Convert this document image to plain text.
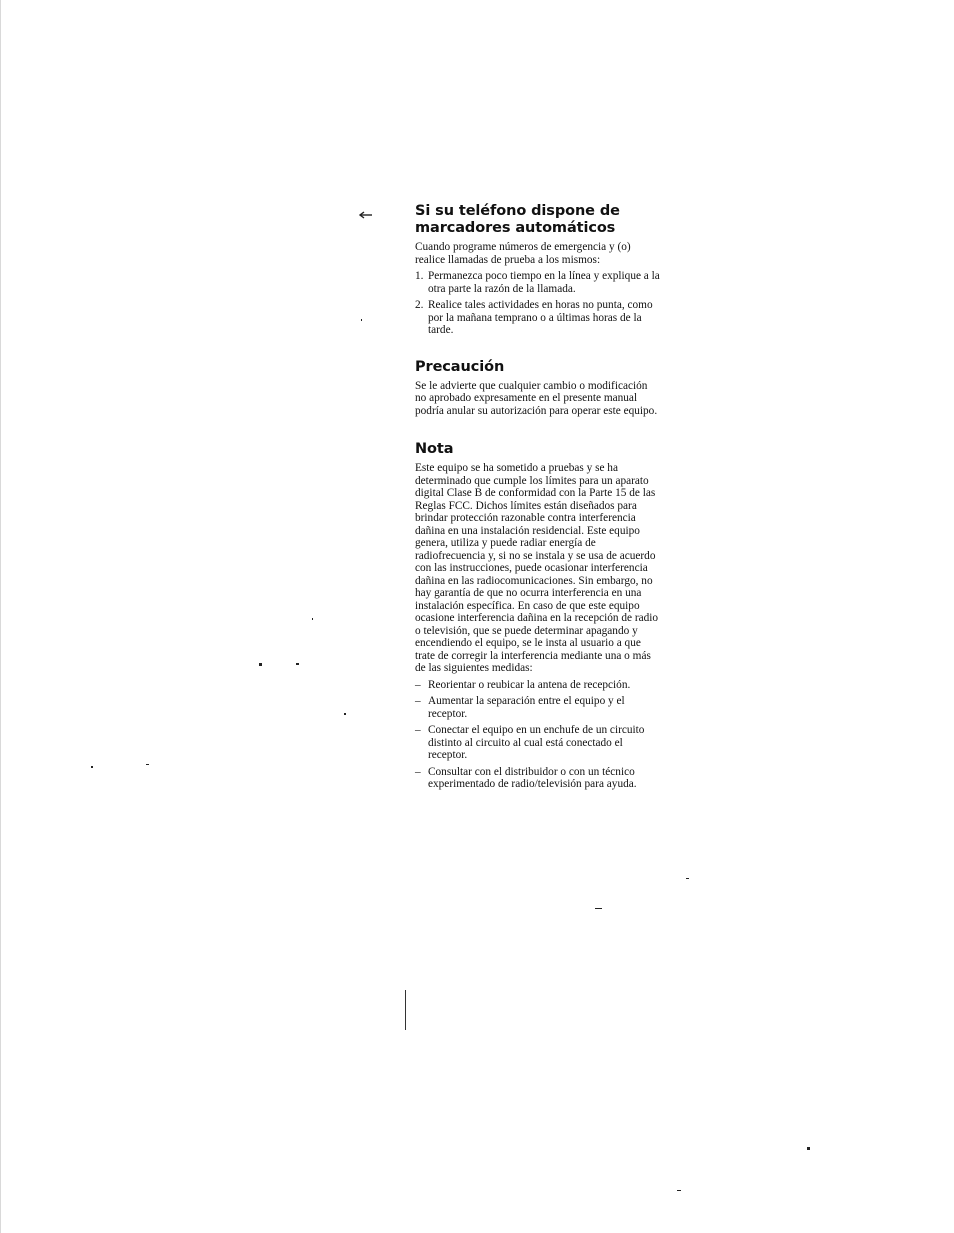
Si su teléfono dispone de
marcadores automáticos

Cuando programe números de emergencia y (o) realice llamadas de prueba a los mismos:

1. Permanezca poco tiempo en la línea y explique a la otra parte la razón de la llamada.
2. Realice tales actividades en horas no punta, como por la mañana temprano o a últimas horas de la tarde.
Precaución

Se le advierte que cualquier cambio o modificación no aprobado expresamente en el presente manual podría anular su autorización para operar este equipo.

Nota

Este equipo se ha sometido a pruebas y se ha determinado que cumple los límites para un aparato digital Clase B de conformidad con la Parte 15 de las Reglas FCC. Dichos límites están diseñados para brindar protección razonable contra interferencia dañina en una instalación residencial. Este equipo genera, utiliza y puede radiar energía de radiofrecuencia y, si no se instala y se usa de acuerdo con las instrucciones, puede ocasionar interferencia dañina en las radiocomunicaciones. Sin embargo, no hay garantía de que no ocurra interferencia en una instalación específica. En caso de que este equipo ocasione interferencia dañina en la recepción de radio o televisión, que se puede determinar apagando y encendiendo el equipo, se le insta al usuario a que trate de corregir la interferencia mediante una o más de las siguientes medidas:

– Reorientar o reubicar la antena de recepción.
– Aumentar la separación entre el equipo y el receptor.
– Conectar el equipo en un enchufe de un circuito distinto al circuito al cual está conectado el receptor.
– Consultar con el distribuidor o con un técnico experimentado de radio/televisión para ayuda.
